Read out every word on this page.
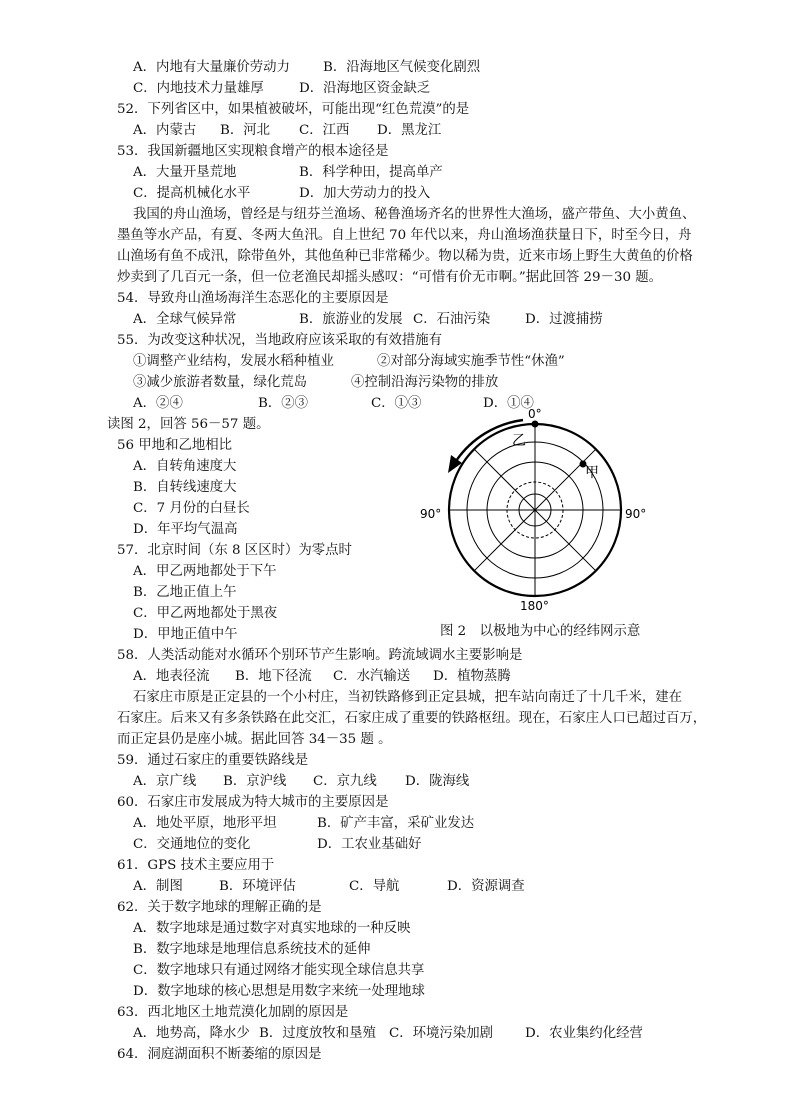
A．内地有大量廉价劳动力 B．沿海地区气候变化剧烈
C．内地技术力量雄厚	D．沿海地区资金缺乏
52．下列省区中，如果植被破坏，可能出现“红色荒漠”的是
A．内蒙古 B．河北 C．江西 D．黑龙江
53．我国新疆地区实现粮食增产的根本途径是
A．大量开垦荒地	B．科学种田，提高单产
C．提高机械化水平	D．加大劳动力的投入
我国的舟山渔场，曾经是与纽芬兰渔场、秘鲁渔场齐名的世界性大渔场，盛产带鱼、大小黄鱼、
墨鱼等水产品，有夏、冬两大鱼汛。自上世纪 70 年代以来，舟山渔场渔获量日下，时至今日，舟
山渔场有鱼不成汛，除带鱼外，其他鱼种已非常稀少。物以稀为贵，近来市场上野生大黄鱼的价格
炒卖到了几百元一条，但一位老渔民却摇头感叹：“可惜有价无市啊。”据此回答 29－30 题。
54．导致舟山渔场海洋生态恶化的主要原因是
A．全球气候异常	B．旅游业的发展 C．石油污染	D．过渡捕捞
55．为改变这种状况，当地政府应该采取的有效措施有
①调整产业结构，发展水稻种植业	②对部分海域实施季节性“休渔”
③减少旅游者数量，绿化荒岛	④控制沿海污染物的排放
A．②④	B．②③	C．①③	D．①④
读图 2，回答 56－57 题。
56 甲地和乙地相比
A．自转角速度大
B．自转线速度大
C．7 月份的白昼长
D．年平均气温高
57．北京时间（东 8 区区时）为零点时
A．甲乙两地都处于下午
B．乙地正值上午
C．甲乙两地都处于黑夜
D．甲地正值中午
0°
乙
甲
90°	90°
180°
图 2　以极地为中心的经纬网示意
58．人类活动能对水循环个别环节产生影响。跨流域调水主要影响是
A．地表径流 B．地下径流 C．水汽输送 D．植物蒸腾
石家庄市原是正定县的一个小村庄，当初铁路修到正定县城，把车站向南迁了十几千米，建在
石家庄。后来又有多条铁路在此交汇，石家庄成了重要的铁路枢纽。现在，石家庄人口已超过百万，
而正定县仍是座小城。据此回答 34－35 题 。
59．通过石家庄的重要铁路线是
A．京广线 B．京沪线 C．京九线 D．陇海线
60．石家庄市发展成为特大城市的主要原因是
A．地处平原，地形平坦	B．矿产丰富，采矿业发达
C．交通地位的变化	D．工农业基础好
61．GPS 技术主要应用于
A．制图	B．环境评估	C．导航	D．资源调查
62．关于数字地球的理解正确的是
A．数字地球是通过数字对真实地球的一种反映
B．数字地球是地理信息系统技术的延伸
C．数字地球只有通过网络才能实现全球信息共享
D．数字地球的核心思想是用数字来统一处理地球
63．西北地区土地荒漠化加剧的原因是
A．地势高，降水少 B．过度放牧和垦殖 C．环境污染加剧 D．农业集约化经营
64．洞庭湖面积不断萎缩的原因是
